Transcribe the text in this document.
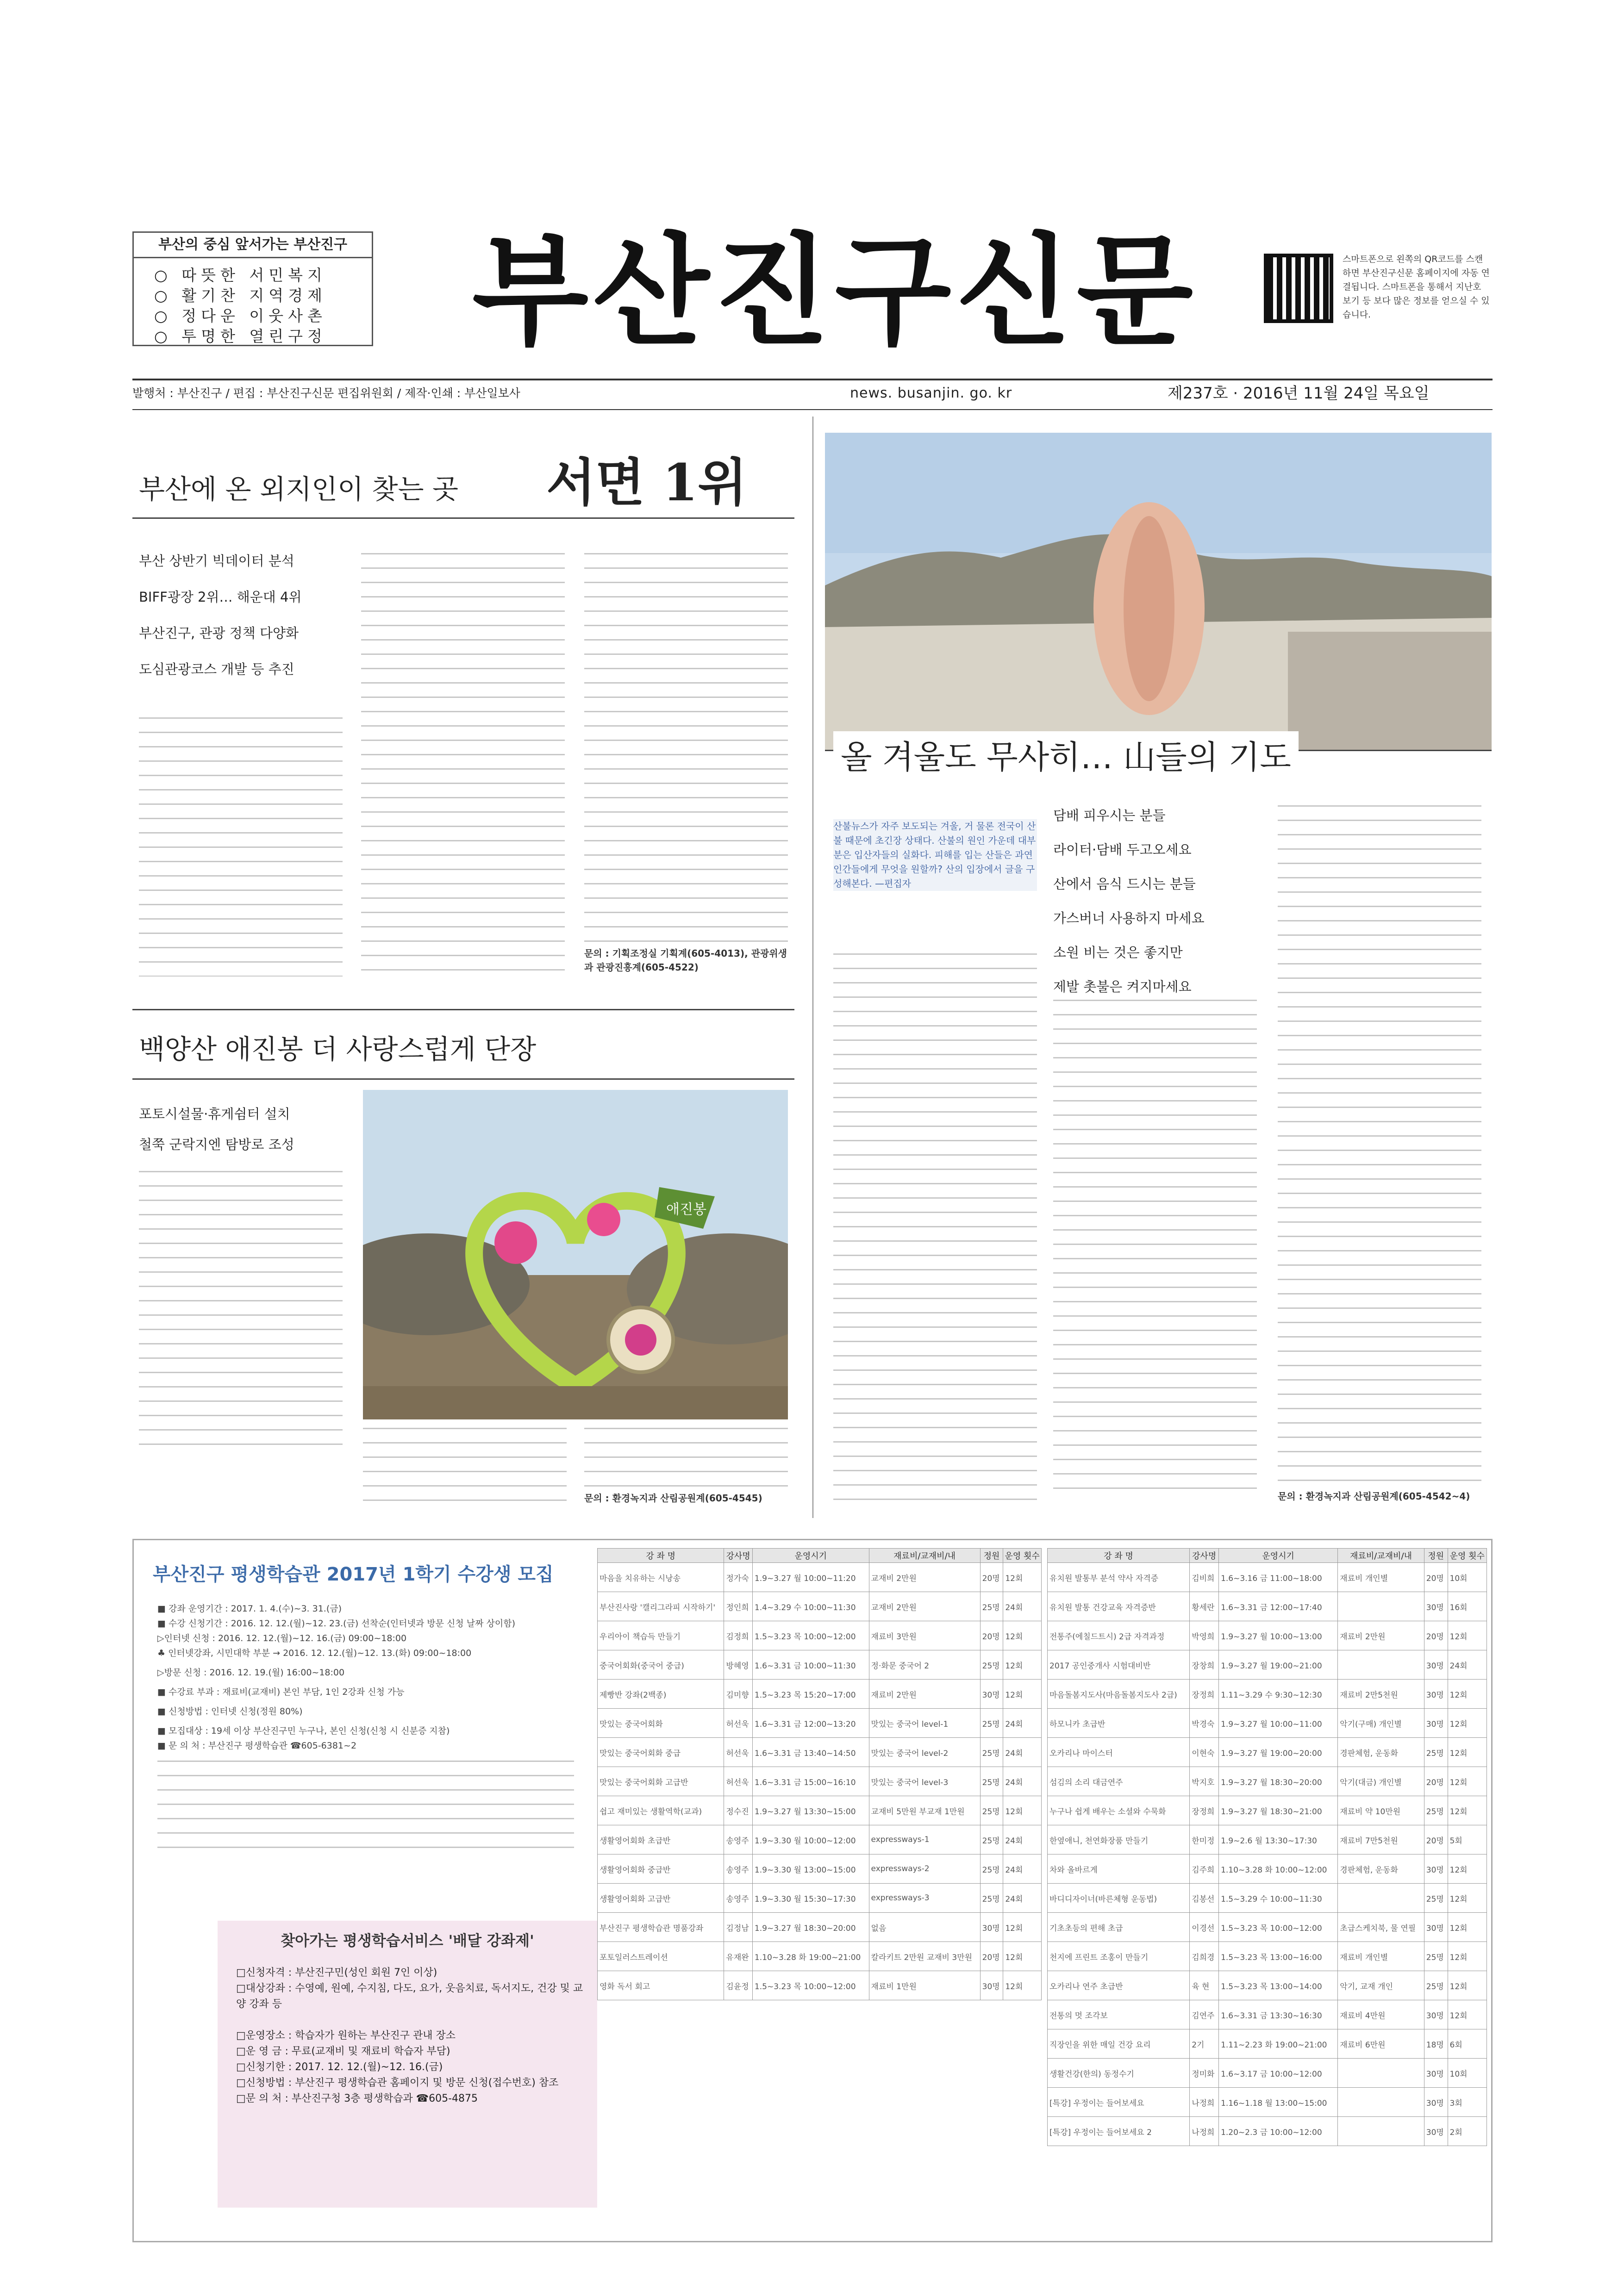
부산의 중심 앞서가는 부산진구
○ 따뜻한 서민복지
○ 활기찬 지역경제
○ 정다운 이웃사촌
○ 투명한 열린구정 부산진구신문	스마트폰으로 왼쪽의 QR코드를 스캔하면 부산진구신문 홈페이지에 자동 연결됩니다. 스마트폰을 통해서 지난호 보기 등 보다 많은 정보를 얻으실 수 있습니다.
발행처 : 부산진구 / 편집 : 부산진구신문 편집위원회 / 제작·인쇄 : 부산일보사	news. busanjin. go. kr	제237호 · 2016년 11월 24일 목요일
부산에 온 외지인이 찾는 곳 서면 1위
부산 상반기 빅데이터 분석
BIFF광장 2위… 해운대 4위
부산진구, 관광 정책 다양화
도심관광코스 개발 등 추진
문의 : 기획조정실 기획계(605-4013), 관광위생과 관광진흥계(605-4522)
백양산 애진봉 더 사랑스럽게 단장
포토시설물·휴게쉼터 설치
철쭉 군락지엔 탐방로 조성
애진봉
문의 : 환경녹지과 산림공원계(605-4545)
올 겨울도 무사히… 山들의 기도
산불뉴스가 자주 보도되는 겨울, 거 물론 전국이 산불 때문에 초긴장 상태다. 산불의 원인 가운데 대부분은 입산자들의 실화다. 피해를 입는 산들은 과연 인간들에게 무엇을 원할까? 산의 입장에서 글을 구성해본다. —편집자
담배 피우시는 분들
라이터·담배 두고오세요
산에서 음식 드시는 분들
가스버너 사용하지 마세요
소원 비는 것은 좋지만
제발 촛불은 켜지마세요
문의 : 환경녹지과 산림공원계(605-4542~4)
부산진구 평생학습관 2017년 1학기 수강생 모집
■ 강좌 운영기간 : 2017. 1. 4.(수)~3. 31.(금)
■ 수강 신청기간 : 2016. 12. 12.(월)~12. 23.(금) 선착순(인터넷과 방문 신청 날짜 상이함)
▷인터넷 신청 : 2016. 12. 12.(월)~12. 16.(금) 09:00~18:00
♣ 인터넷강좌, 시민대학 부분 → 2016. 12. 12.(월)~12. 13.(화) 09:00~18:00
▷방문 신청 : 2016. 12. 19.(월) 16:00~18:00
■ 수강료 부과 : 재료비(교재비) 본인 부담, 1인 2강좌 신청 가능
■ 신청방법 : 인터넷 신청(정원 80%)
■ 모집대상 : 19세 이상 부산진구민 누구나, 본인 신청(신청 시 신분증 지참)
■ 문 의 처 : 부산진구 평생학습관 ☎605-6381~2
찾아가는 평생학습서비스 '배달 강좌제'
□신청자격 : 부산진구민(성인 회원 7인 이상)
□대상강좌 : 수영예, 원예, 수지침, 다도, 요가, 웃음치료, 독서지도, 건강 및 교양 강좌 등
□운영장소 : 학습자가 원하는 부산진구 관내 장소
□운 영 금 : 무료(교재비 및 재료비 학습자 부담)
□신청기한 : 2017. 12. 12.(월)~12. 16.(금)
□신청방법 : 부산진구 평생학습관 홈페이지 및 방문 신청(접수번호) 참조
□문 의 처 : 부산진구청 3층 평생학습과 ☎605-4875
강 좌 명	강사명	운영시기	재료비/교재비/내	정원	운영 횟수
마음을 치유하는 시낭송	정가숙	1.9~3.27 월 10:00~11:20	교재비 2만원	20명	12회
부산진사랑 '캘리그라피 시작하기'	정인희	1.4~3.29 수 10:00~11:30	교재비 2만원	25명	24회
우리아이 책습득 만들기	김정희	1.5~3.23 목 10:00~12:00	재료비 3만원	20명	12회
중국어회화(중국어 중급)	방혜영	1.6~3.31 금 10:00~11:30	정·화문 중국어 2	25명	12회
제빵반 강좌(2백종)	김미향	1.5~3.23 목 15:20~17:00	재료비 2만원	30명	12회
맛있는 중국어회화	허선욱	1.6~3.31 금 12:00~13:20	맛있는 중국어 level-1	25명	24회
맛있는 중국어회화 중급	허선욱	1.6~3.31 금 13:40~14:50	맛있는 중국어 level-2	25명	24회
맛있는 중국어회화 고급반	허선욱	1.6~3.31 금 15:00~16:10	맛있는 중국어 level-3	25명	24회
쉽고 재미있는 생활역학(교과)	정수진	1.9~3.27 월 13:30~15:00	교재비 5만원 부교재 1만원	25명	12회
생활영어회화 초급반	송영주	1.9~3.30 월 10:00~12:00	expressways-1	25명	24회
생활영어회화 중급반	송영주	1.9~3.30 월 13:00~15:00	expressways-2	25명	24회
생활영어회화 고급반	송영주	1.9~3.30 월 15:30~17:30	expressways-3	25명	24회
부산진구 평생학습관 명품강좌	김정남	1.9~3.27 월 18:30~20:00	없음	30명	12회
포토일러스트레이션	유재완	1.10~3.28 화 19:00~21:00	칼라키트 2만원 교재비 3만원	20명	12회
영화 독서 회고	김윤정	1.5~3.23 목 10:00~12:00	재료비 1만원	30명	12회
강 좌 명	강사명	운영시기	재료비/교재비/내	정원	운영 횟수
유치원 발통부 분석 약사 자격증	김비희	1.6~3.16 금 11:00~18:00	재료비 개인별	20명	10회
유치원 발통 건강교육 자격증반	황세란	1.6~3.31 금 12:00~17:40		30명	16회
전통주(에칠드트시) 2급 자격과정	박영희	1.9~3.27 월 10:00~13:00	재료비 2만원	20명	12회
2017 공인중개사 시험대비반	장창희	1.9~3.27 월 19:00~21:00		30명	24회
마음돌봄지도사(마음돌봄지도사 2급)	장정희	1.11~3.29 수 9:30~12:30	재료비 2만5천원	30명	12회
하모니카 초급반	박경숙	1.9~3.27 월 10:00~11:00	악기(구매) 개인별	30명	12회
오카리나 마이스터	이현숙	1.9~3.27 월 19:00~20:00	경판체험, 운동화	25명	12회
섬김의 소리 대금연주	박지호	1.9~3.27 월 18:30~20:00	악기(대금) 개인별	20명	12회
누구나 쉽게 배우는 소셜와 수묵화	장정희	1.9~3.27 월 18:30~21:00	재료비 약 10만원	25명	12회
한옆애니, 천연화장품 만들기	한미정	1.9~2.6 월 13:30~17:30	재료비 7만5천원	20명	5회
차와 올바르게	김주희	1.10~3.28 화 10:00~12:00	경판체험, 운동화	30명	12회
바디디자이너(바른체형 운동법)	김봉선	1.5~3.29 수 10:00~11:30		25명	12회
기초초등의 편해 초급	이경선	1.5~3.23 목 10:00~12:00	초급스케치북, 물 연필	30명	12회
천지에 프린트 조홍이 만들기	김희경	1.5~3.23 목 13:00~16:00	재료비 개인별	25명	12회
오카리나 연주 초급반	육 현	1.5~3.23 목 13:00~14:00	악기, 교재 개인	25명	12회
전통의 멋 조각보	김연주	1.6~3.31 금 13:30~16:30	재료비 4만원	30명	12회
직장인을 위한 매일 건강 요리	2기	1.11~2.23 화 19:00~21:00	재료비 6만원	18명	6회
생활건강(한의) 동정수기	정미화	1.6~3.17 금 10:00~12:00		30명	10회
[특강] 우정이는 들어보세요	나정희	1.16~1.18 월 13:00~15:00		30명	3회
[특강] 우정이는 들어보세요 2	나정희	1.20~2.3 금 10:00~12:00		30명	2회
